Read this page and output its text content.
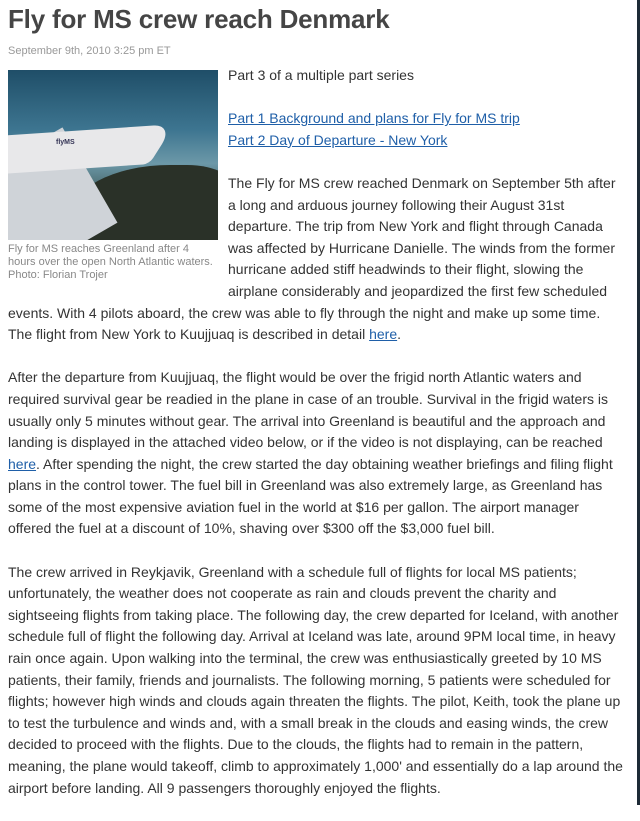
Fly for MS crew reach Denmark
September 9th, 2010 3:25 pm ET
flyMS
Fly for MS reaches Greenland after 4 hours over the open North Atlantic waters.
Photo: Florian Trojer

Part 3 of a multiple part series

Part 1 Background and plans for Fly for MS trip
Part 2 Day of Departure - New York

The Fly for MS crew reached Denmark on September 5th after a long and arduous journey following their August 31st departure. The trip from New York and flight through Canada was affected by Hurricane Danielle. The winds from the former hurricane added stiff headwinds to their flight, slowing the airplane considerably and jeopardized the first few scheduled events. With 4 pilots aboard, the crew was able to fly through the night and make up some time. The flight from New York to Kuujjuaq is described in detail here.

After the departure from Kuujjuaq, the flight would be over the frigid north Atlantic waters and required survival gear be readied in the plane in case of an trouble. Survival in the frigid waters is usually only 5 minutes without gear. The arrival into Greenland is beautiful and the approach and landing is displayed in the attached video below, or if the video is not displaying, can be reached here. After spending the night, the crew started the day obtaining weather briefings and filing flight plans in the control tower. The fuel bill in Greenland was also extremely large, as Greenland has some of the most expensive aviation fuel in the world at $16 per gallon. The airport manager offered the fuel at a discount of 10%, shaving over $300 off the $3,000 fuel bill.

The crew arrived in Reykjavik, Greenland with a schedule full of flights for local MS patients; unfortunately, the weather does not cooperate as rain and clouds prevent the charity and sightseeing flights from taking place. The following day, the crew departed for Iceland, with another schedule full of flight the following day. Arrival at Iceland was late, around 9PM local time, in heavy rain once again. Upon walking into the terminal, the crew was enthusiastically greeted by 10 MS patients, their family, friends and journalists. The following morning, 5 patients were scheduled for flights; however high winds and clouds again threaten the flights. The pilot, Keith, took the plane up to test the turbulence and winds and, with a small break in the clouds and easing winds, the crew decided to proceed with the flights. Due to the clouds, the flights had to remain in the pattern, meaning, the plane would takeoff, climb to approximately 1,000' and essentially do a lap around the airport before landing. All 9 passengers thoroughly enjoyed the flights.
